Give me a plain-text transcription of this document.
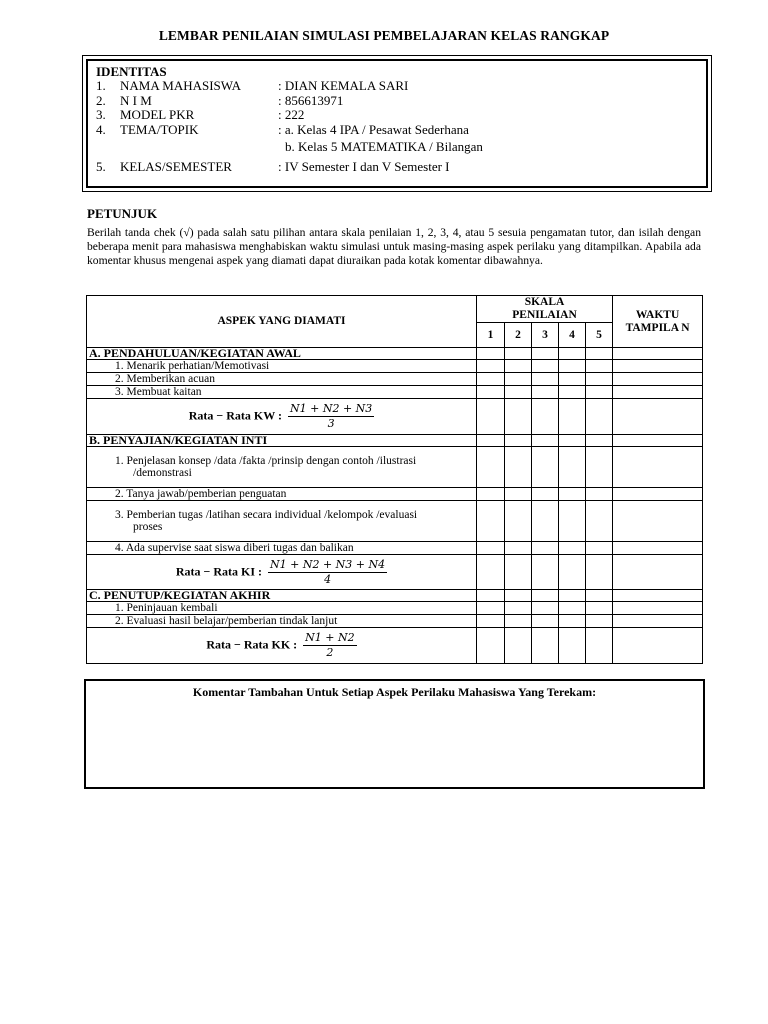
LEMBAR PENILAIAN SIMULASI PEMBELAJARAN KELAS RANGKAP
IDENTITAS
1. NAMA MAHASISWA	: DIAN KEMALA SARI
2. N I M	: 856613971
3. MODEL PKR	: 222
4. TEMA/TOPIK	: a. Kelas 4 IPA / Pesawat Sederhana
b. Kelas 5 MATEMATIKA / Bilangan
5. KELAS/SEMESTER	: IV Semester I dan V Semester I
PETUNJUK
Berilah tanda chek (√) pada salah satu pilihan antara skala penilaian 1, 2, 3, 4, atau 5 sesuia pengamatan tutor, dan isilah dengan beberapa menit para mahasiswa menghabiskan waktu simulasi untuk masing-masing aspek perilaku yang ditampilkan. Apabila ada komentar khusus mengenai aspek yang diamati dapat diuraikan pada kotak komentar dibawahnya.
ASPEK YANG DIAMATI	SKALA PENILAIAN					WAKTU TAMPILA N
	1	2	3	4	5	
A. PENDAHULUAN/KEGIATAN AWAL						
1. Menarik perhatian/Memotivasi						
2. Memberikan acuan						
3. Membuat kaitan						
Rata − Rata KW : $\frac{N1 + N2 + N3}{3}$

B. PENYAJIAN/KEGIATAN INTI						

1. Penjelasan konsep /data /fakta /prinsip dengan contoh /ilustrasi
/demonstrasi						

2. Tanya jawab/pemberian penguatan						

3. Pemberian tugas /latihan secara individual /kelompok /evaluasi
proses						

4. Ada supervise saat siswa diberi tugas dan balikan						
Rata − Rata KI : $\frac{N1 + N2 + N3 + N4}{4}$

C. PENUTUP/KEGIATAN AKHIR						
1. Peninjauan kembali						
2. Evaluasi hasil belajar/pemberian tindak lanjut						
Rata − Rata KK : $\frac{N1 + N2}{2}$

Komentar Tambahan Untuk Setiap Aspek Perilaku Mahasiswa Yang Terekam:
